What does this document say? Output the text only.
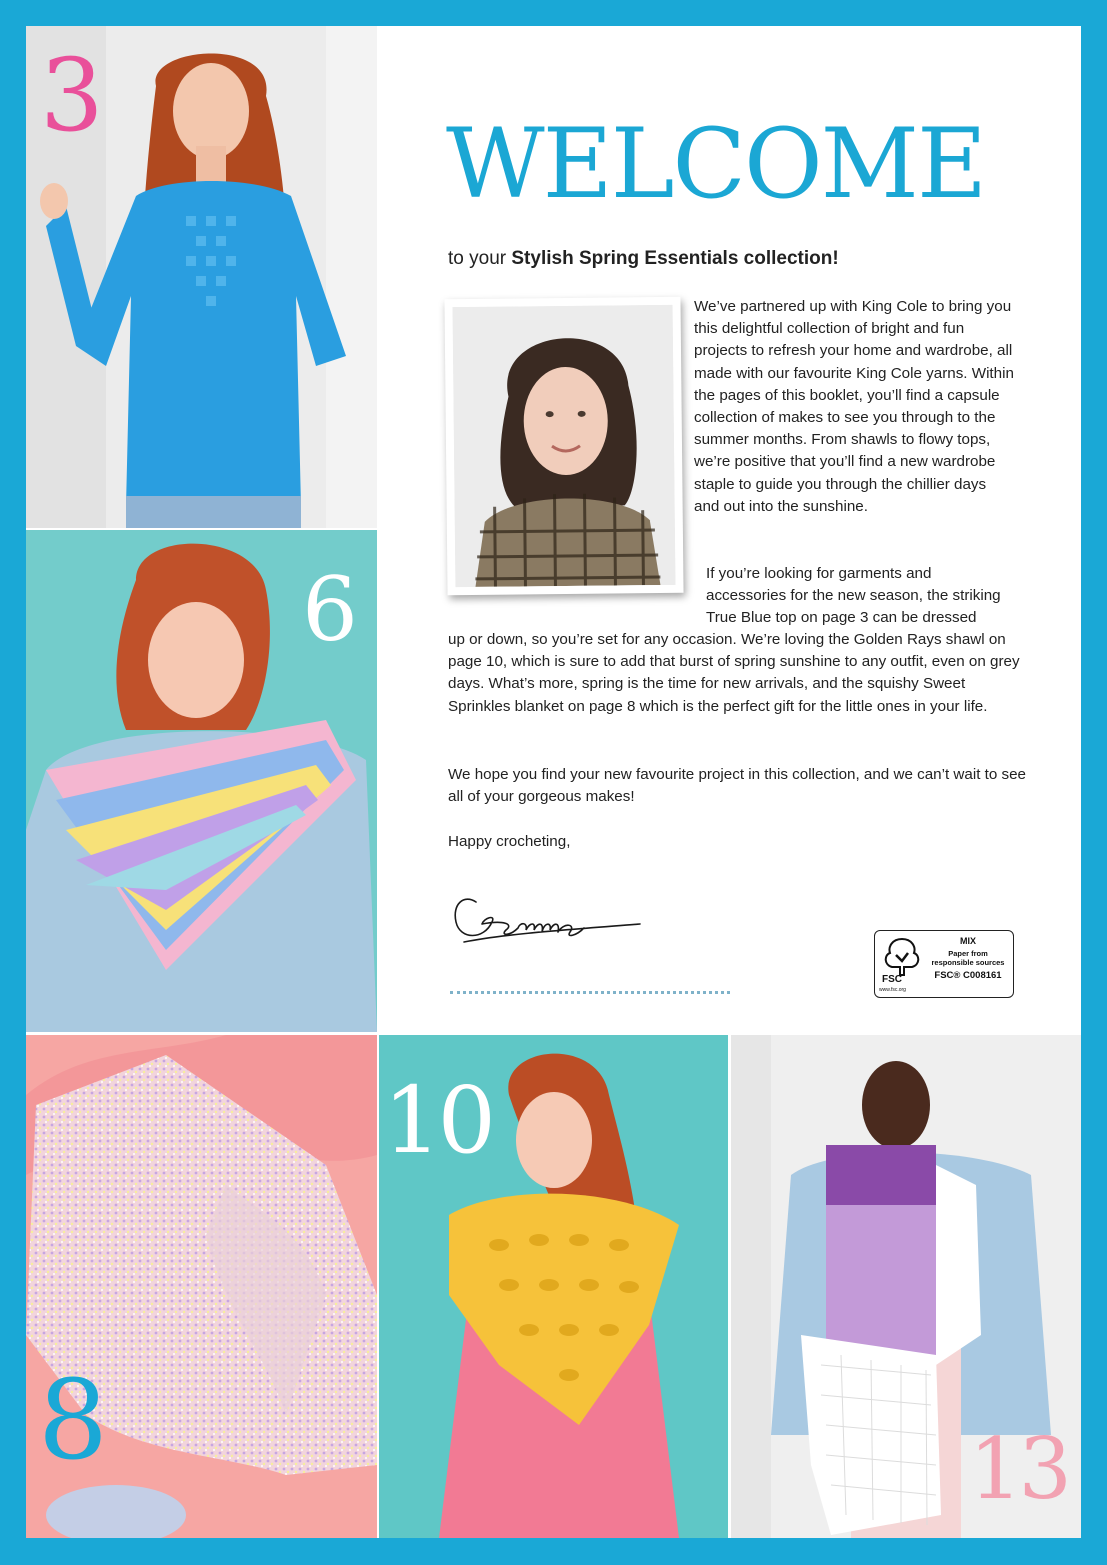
3
6
8
10
13
WELCOME
to your Stylish Spring Essentials collection!
We’ve partnered up with King Cole to bring you this delightful collection of bright and fun projects to refresh your home and wardrobe, all made with our favourite King Cole yarns. Within the pages of this booklet, you’ll find a capsule collection of makes to see you through to the summer months. From shawls to flowy tops, we’re positive that you’ll find a new wardrobe staple to guide you through the chillier days and out into the sunshine.
If you’re looking for garments and accessories for the new season, the striking True Blue top on page 3 can be dressed
up or down, so you’re set for any occasion. We’re loving the Golden Rays shawl on page 10, which is sure to add that burst of spring sunshine to any outfit, even on grey days. What’s more, spring is the time for new arrivals, and the squishy Sweet Sprinkles blanket on page 8 which is the perfect gift for the little ones in your life.
We hope you find your new favourite project in this collection, and we can’t wait to see all of your gorgeous makes!
Happy crocheting,
FSC
www.fsc.org
MIX
Paper from
responsible sources
FSC® C008161
